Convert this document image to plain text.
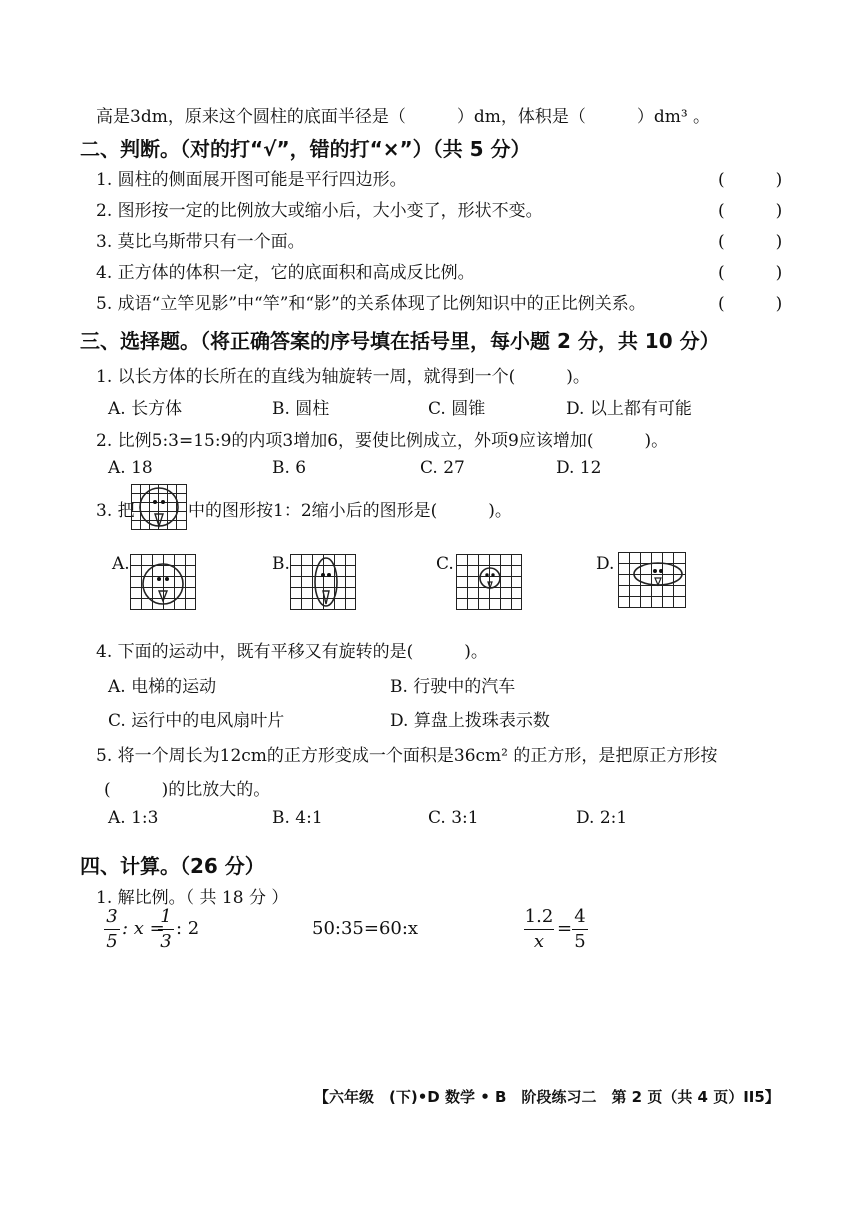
高是3dm，原来这个圆柱的底面半径是（　　　）dm，体积是（　　　）dm³ 。
二、判断。（对的打“√”，错的打“×”）（共 5 分）
1. 圆柱的侧面展开图可能是平行四边形。	(　　　)
2. 图形按一定的比例放大或缩小后，大小变了，形状不变。	(　　　)
3. 莫比乌斯带只有一个面。	(　　　)
4. 正方体的体积一定，它的底面积和高成反比例。	(　　　)
5. 成语“立竿见影”中“竿”和“影”的关系体现了比例知识中的正比例关系。	(　　　)
三、选择题。（将正确答案的序号填在括号里，每小题 2 分，共 10 分）
1. 以长方体的长所在的直线为轴旋转一周，就得到一个(　　　)。
A. 长方体	B. 圆柱	C. 圆锥	D. 以上都有可能
2. 比例5:3=15:9的内项3增加6，要使比例成立，外项9应该增加(　　　)。
A. 18	B. 6	C. 27	D. 12
3. 把	中的图形按1：2缩小后的图形是(　　　)。
A.	B.	C.	D.
4. 下面的运动中，既有平移又有旋转的是(　　　)。
A. 电梯的运动	B. 行驶中的汽车
C. 运行中的电风扇叶片	D. 算盘上拨珠表示数
5. 将一个周长为12cm的正方形变成一个面积是36cm² 的正方形，是把原正方形按
(　　　)的比放大的。
A. 1:3	B. 4:1	C. 3:1	D. 2:1
四、计算。（26 分）
1. 解比例。（ 共 18 分 ）
3
5
: x =
1
3
: 2	50:35=60:x
1.2
x
=
4
5
【六年级　(下)•D 数学 • B　阶段练习二　第 2 页（共 4 页）II5】
